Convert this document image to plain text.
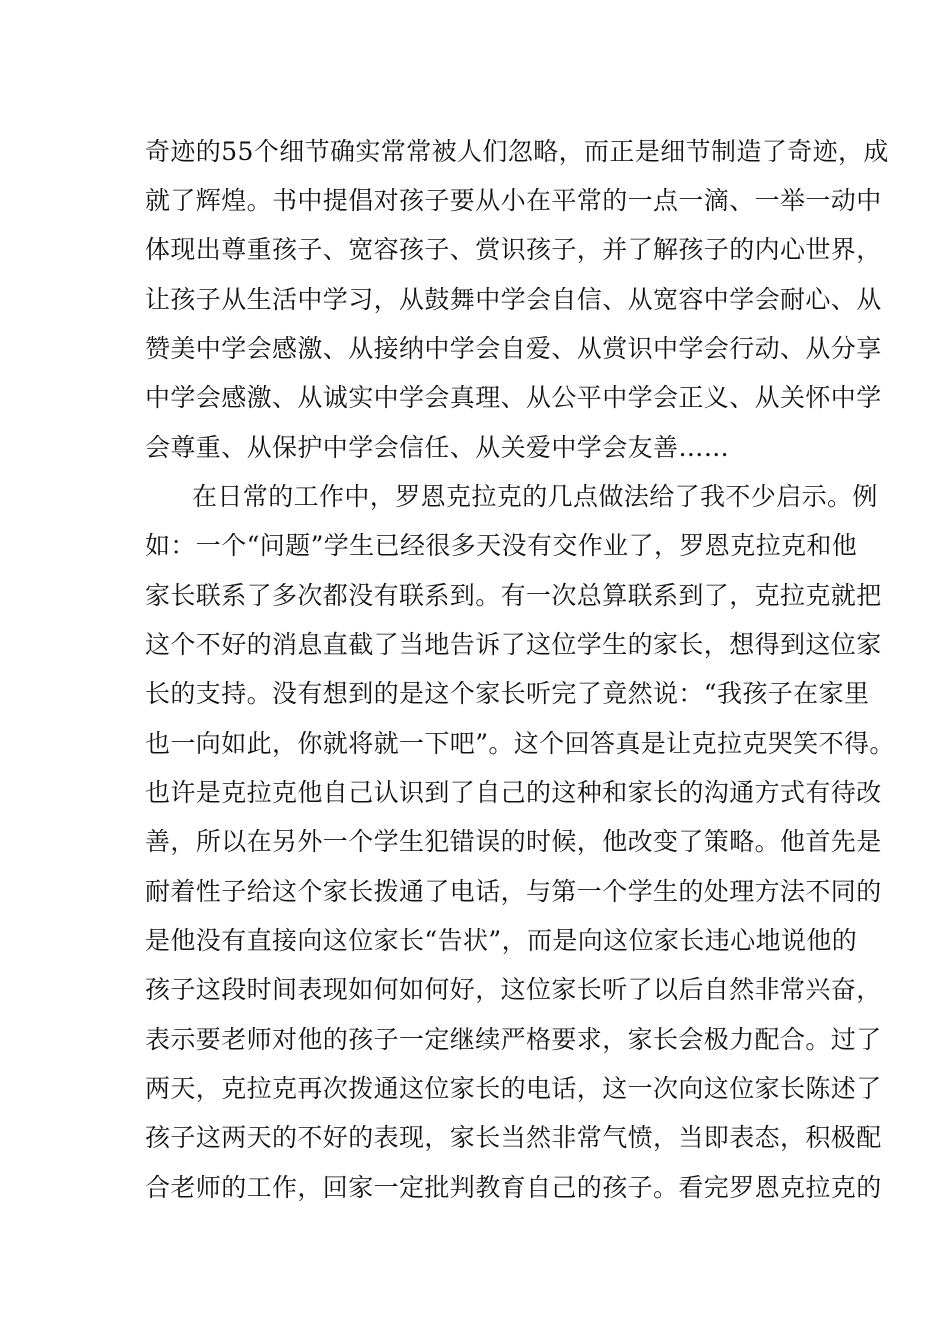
奇迹的55个细节确实常常被人们忽略，而正是细节制造了奇迹，成
就了辉煌。书中提倡对孩子要从小在平常的一点一滴、一举一动中
体现出尊重孩子、宽容孩子、赏识孩子，并了解孩子的内心世界，
让孩子从生活中学习，从鼓舞中学会自信、从宽容中学会耐心、从
赞美中学会感激、从接纳中学会自爱、从赏识中学会行动、从分享
中学会感激、从诚实中学会真理、从公平中学会正义、从关怀中学
会尊重、从保护中学会信任、从关爱中学会友善……
在日常的工作中，罗恩克拉克的几点做法给了我不少启示。例
如：一个“问题”学生已经很多天没有交作业了，罗恩克拉克和他
家长联系了多次都没有联系到。有一次总算联系到了，克拉克就把
这个不好的消息直截了当地告诉了这位学生的家长，想得到这位家
长的支持。没有想到的是这个家长听完了竟然说：“我孩子在家里
也一向如此，你就将就一下吧”。这个回答真是让克拉克哭笑不得。
也许是克拉克他自己认识到了自己的这种和家长的沟通方式有待改
善，所以在另外一个学生犯错误的时候，他改变了策略。他首先是
耐着性子给这个家长拨通了电话，与第一个学生的处理方法不同的
是他没有直接向这位家长“告状”，而是向这位家长违心地说他的
孩子这段时间表现如何如何好，这位家长听了以后自然非常兴奋，
表示要老师对他的孩子一定继续严格要求，家长会极力配合。过了
两天，克拉克再次拨通这位家长的电话，这一次向这位家长陈述了
孩子这两天的不好的表现，家长当然非常气愤，当即表态，积极配
合老师的工作，回家一定批判教育自己的孩子。看完罗恩克拉克的
